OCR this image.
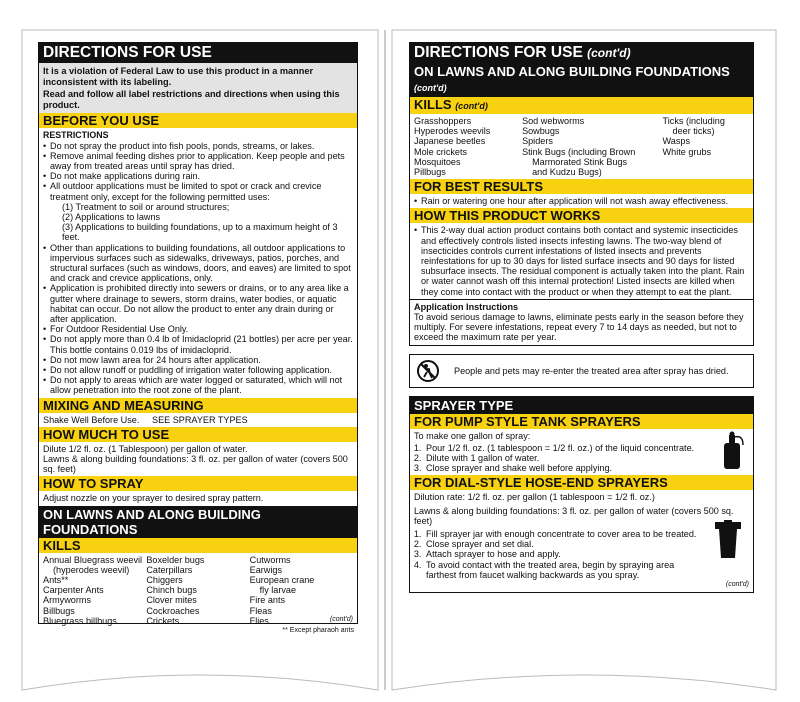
DIRECTIONS FOR USE
It is a violation of Federal Law to use this product in a manner inconsistent with its labeling.
Read and follow all label restrictions and directions when using this product.
BEFORE YOU USE
RESTRICTIONS
• Do not spray the product into fish pools, ponds, streams, or lakes.
• Remove animal feeding dishes prior to application. Keep people and pets away from treated areas until spray has dried.
• Do not make applications during rain.
• All outdoor applications must be limited to spot or crack and crevice treatment only, except for the following permitted uses:
(1) Treatment to soil or around structures;
(2) Applications to lawns
(3) Applications to building foundations, up to a maximum height of 3 feet.
• Other than applications to building foundations, all outdoor applications to impervious surfaces such as sidewalks, driveways, patios, porches, and structural surfaces (such as windows, doors, and eaves) are limited to spot and crack and crevice applications, only.
• Application is prohibited directly into sewers or drains, or to any area like a gutter where drainage to sewers, storm drains, water bodies, or aquatic habitat can occur. Do not allow the product to enter any drain during or after application.
• For Outdoor Residential Use Only.
• Do not apply more than 0.4 lb of Imidacloprid (21 bottles) per acre per year. This bottle contains 0.019 lbs of imidacloprid.
• Do not mow lawn area for 24 hours after application.
• Do not allow runoff or puddling of irrigation water following application.
• Do not apply to areas which are water logged or saturated, which will not allow penetration into the root zone of the plant.
MIXING AND MEASURING
Shake Well Before Use.     SEE SPRAYER TYPES
HOW MUCH TO USE
Dilute 1/2 fl. oz. (1 Tablespoon) per gallon of water.
Lawns & along building foundations: 3 fl. oz. per gallon of water (covers 500 sq. feet)
HOW TO SPRAY
Adjust nozzle on your sprayer to desired spray pattern.
ON LAWNS AND ALONG BUILDING FOUNDATIONS
KILLS
Annual Bluegrass weevil
(hyperodes weevil)
Ants**
Carpenter Ants
Armyworms
Billbugs
Bluegrass billbugs
Boxelder bugs
Caterpillars
Chiggers
Chinch bugs
Clover mites
Cockroaches
Crickets
Cutworms
Earwigs
European crane
fly larvae
Fire ants
Fleas
Flies	(cont'd)
** Except pharaoh ants
DIRECTIONS FOR USE (cont'd)
ON LAWNS AND ALONG BUILDING FOUNDATIONS (cont'd)
KILLS (cont'd)
Grasshoppers
Hyperodes weevils
Japanese beetles
Mole crickets
Mosquitoes
Pillbugs
Sod webworms
Sowbugs
Spiders
Stink Bugs (including Brown
Marmorated Stink Bugs
and Kudzu Bugs)
Ticks (including
deer ticks)
Wasps
White grubs
FOR BEST RESULTS
• Rain or watering one hour after application will not wash away effectiveness.
HOW THIS PRODUCT WORKS
• This 2-way dual action product contains both contact and systemic insecticides and effectively controls listed insects infesting lawns. The two-way blend of insecticides controls current infestations of listed insects and prevents reinfestations for up to 30 days for listed surface insects and 90 days for listed subsurface insects. The residual component is actually taken into the plant. Rain or water cannot wash off this internal protection! Listed insects are killed when they come into contact with the product or when they attempt to eat the plant.
Application Instructions
To avoid serious damage to lawns, eliminate pests early in the season before they multiply. For severe infestations, repeat every 7 to 14 days as needed, but not to exceed the maximum rate per year.
People and pets may re-enter the treated area after spray has dried.
SPRAYER TYPE
FOR PUMP STYLE TANK SPRAYERS
To make one gallon of spray:
1. Pour 1/2 fl. oz. (1 tablespoon = 1/2 fl. oz.) of the liquid concentrate.
2. Dilute with 1 gallon of water.
3. Close sprayer and shake well before applying.
FOR DIAL-STYLE HOSE-END SPRAYERS
Dilution rate: 1/2 fl. oz. per gallon (1 tablespoon = 1/2 fl. oz.)
Lawns & along building foundations: 3 fl. oz. per gallon of water (covers 500 sq. feet)
1. Fill sprayer jar with enough concentrate to cover area to be treated.
2. Close sprayer and set dial.
3. Attach sprayer to hose and apply.
4. To avoid contact with the treated area, begin by spraying area farthest from faucet walking backwards as you spray.
(cont'd)
